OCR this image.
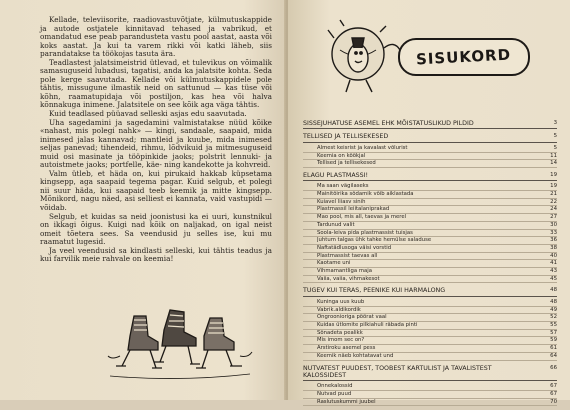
Kellade, televiisorite, raadiovastuvõtjate, külmutuskappide ja autode ostjatele kinnitavad tehased ja vabrikud, et omandatud ese peab parandusteta vastu pool aastat, aasta või koks aastat. Ja kui ta varem rikki või katki läheb, siis parandatakse ta töökojas tasuta ära.

Teadlastest jalatsimeistrid ütlevad, et tulevikus on võimalik samasuguseid lubadusi, tagatisi, anda ka jalatsite kohta. Seda pole kerge saavutada. Kellade või külmutuskappidele pole tähtis, missugune ilmastik neid on sattunud — kas tüse või kõhn, raamatupidaja või postiljon, kas hea või halva kõnnakuga inimene. Jalatsitele on see kõik aga väga tähtis.

Kuid teadlased püüavad selleski asjas edu saavutada.

Uha sagedamini ja sagedamini valmistatakse nüüd kõike «nahast, mis polegi nahk» — kingi, sandaale, saapaid, mida inimesed jalas kannavad; mantleid ja kuube, mida inimesed seljas panevad; tihendeid, rihmu, lõdvikuid ja mitmesuguseid muid osi masinate ja tööpinkide jaoks; polstrit lennuki- ja autoistmete jaoks; portfelle, käe- ning kandekotte ja kohvreid.

Valm ütleb, et häda on, kui pirukaid hakkab küpsetama kingsepp, aga saapaid tegema pagar. Kuid selgub, et polegi nii suur häda, kui saapaid teeb keemik ja mitte kingsepp. Mõnikord, nagu näed, asi selliest ei kannata, vaid vastupidi — võidab.

Selgub, et kuidas sa neid joonistusi ka ei uuri, kunstnikul on ikkagi õigus. Kuigi nad kõik on naljakad, on igal neist omeit tõetera sees. Sa veendusid ju selles ise, kui mu raamatut lugesid.

Ja veel veendusid sa kindlasti selleski, kui tähtis teadus ja kui farvilik meie rahvale on keemia!

SISUKORD
SISSEJUHATUSE ASEMEL EHK MÕISTATUSLIKUD PILDID	3
TELLISED JA TELLISEKESED	5
Almest keisrist ja kavalast võlurist	5
Keemia on köökjal	11
Tellised ja tellisekesed	14
ELAGU PLASTMASSI!	19
Ma saan vägilaseks	19
Mainitõirika sõdamik võib aiklastada	21
Kuiavel liiasv sinih	22
Plastmassil leiitalaniprakad	24
Mao pool, mis all, taevas ja merel	27
Tardunud valit	30
Soola-leiva pida plastmassist tuisjas	33
Juhtum talgas ühk tahke hemülse saladuse	36
Naftatädlusoga väisi vorstid	38
Plastmassist taevas all	40
Kaotame uni	41
Vihmamantliga maja	43
Vaiia, vaiia, vihmakesot	45
TUGEV KUI TERAS, PEENIKE KUI HARMALONG	48
Kuninga uus kuub	48
Vabrik.aldikordik	49
Ongroonioriga pöörat vaal	52
Kuidas ütlomite pilkiahuli räbada pinti	55
Sõnadeta pealikk	57
Mis imom sec on?	59
Arstiroku asemel pess	61
Keemik näeb kohtatavat und	64
NUTVATEST PUUDEST, TOOBEST KARTULIST JA TAVALISTEST KALOSSIDEST
66
Onnekalossid	67
Nutvad puud	67
Raslutuskummi juubel	70
